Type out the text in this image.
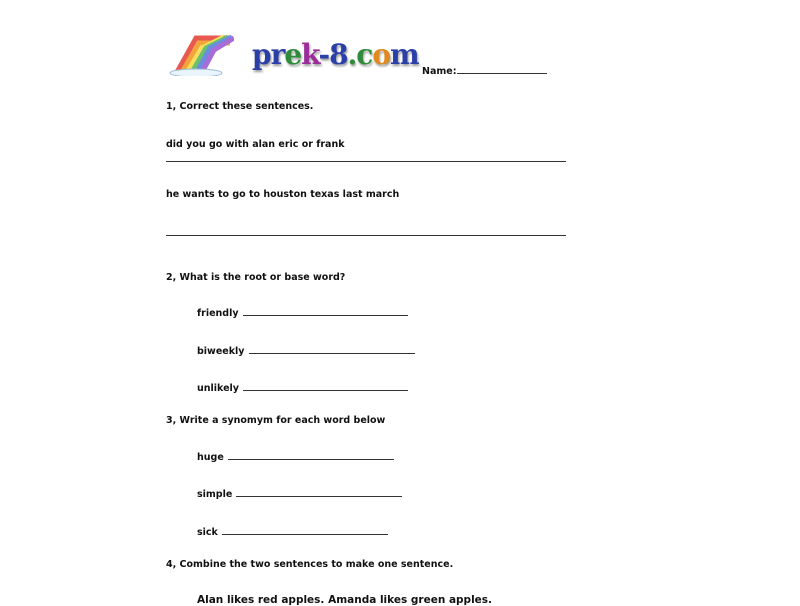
prek-8.com
Name:
1, Correct these sentences.
did you go with alan eric or frank
he wants to go to houston texas last march
2, What is the root or base word?
friendly
biweekly
unlikely
3, Write a synomym for each word below
huge
simple
sick
4, Combine the two sentences to make one sentence.
Alan likes red apples. Amanda likes green apples.
